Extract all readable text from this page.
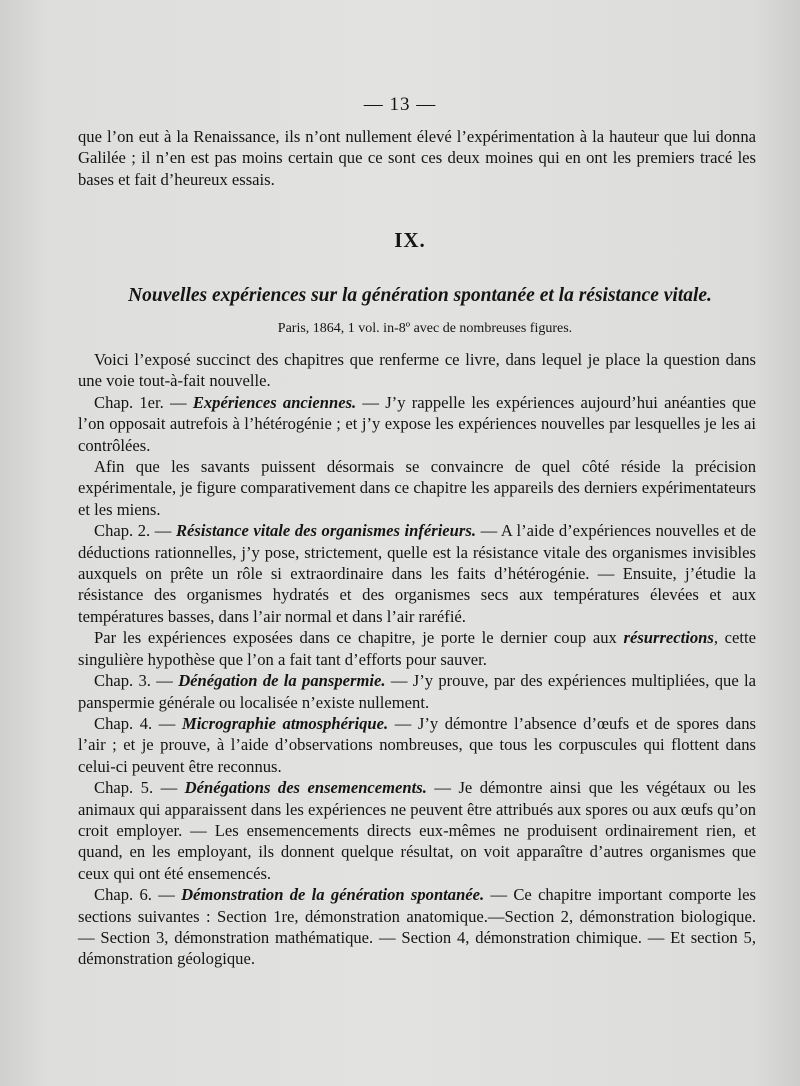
— 13 —

que l’on eut à la Renaissance, ils n’ont nullement élevé l’expérimentation à la hauteur que lui donna Galilée ; il n’en est pas moins certain que ce sont ces deux moines qui en ont les premiers tracé les bases et fait d’heureux essais.

IX.
Nouvelles expériences sur la génération spontanée et la résistance vitale.
Paris, 1864, 1 vol. in-8º avec de nombreuses figures.

Voici l’exposé succinct des chapitres que renferme ce livre, dans lequel je place la question dans une voie tout-à-fait nouvelle.

Chap. 1er. — Expériences anciennes. — J’y rappelle les expériences aujourd’hui anéanties que l’on opposait autrefois à l’hétérogénie ; et j’y expose les expériences nouvelles par lesquelles je les ai contrôlées.

Afin que les savants puissent désormais se convaincre de quel côté réside la précision expérimentale, je figure comparativement dans ce chapitre les appareils des derniers expérimentateurs et les miens.

Chap. 2. — Résistance vitale des organismes inférieurs. — A l’aide d’expériences nouvelles et de déductions rationnelles, j’y pose, strictement, quelle est la résistance vitale des organismes invisibles auxquels on prête un rôle si extraordinaire dans les faits d’hétérogénie. — Ensuite, j’étudie la résistance des organismes hydratés et des organismes secs aux températures élevées et aux températures basses, dans l’air normal et dans l’air raréfié.

Par les expériences exposées dans ce chapitre, je porte le dernier coup aux résurrections, cette singulière hypothèse que l’on a fait tant d’efforts pour sauver.

Chap. 3. — Dénégation de la panspermie. — J’y prouve, par des expériences multipliées, que la panspermie générale ou localisée n’existe nullement.

Chap. 4. — Micrographie atmosphérique. — J’y démontre l’absence d’œufs et de spores dans l’air ; et je prouve, à l’aide d’observations nombreuses, que tous les corpuscules qui flottent dans celui-ci peuvent être reconnus.

Chap. 5. — Dénégations des ensemencements. — Je démontre ainsi que les végétaux ou les animaux qui apparaissent dans les expériences ne peuvent être attribués aux spores ou aux œufs qu’on croit employer. — Les ensemencements directs eux-mêmes ne produisent ordinairement rien, et quand, en les employant, ils donnent quelque résultat, on voit apparaître d’autres organismes que ceux qui ont été ensemencés.

Chap. 6. — Démonstration de la génération spontanée. — Ce chapitre important comporte les sections suivantes : Section 1re, démonstration anatomique.—Section 2, démonstration biologique. — Section 3, démonstration mathématique. — Section 4, démonstration chimique. — Et section 5, démonstration géologique.
